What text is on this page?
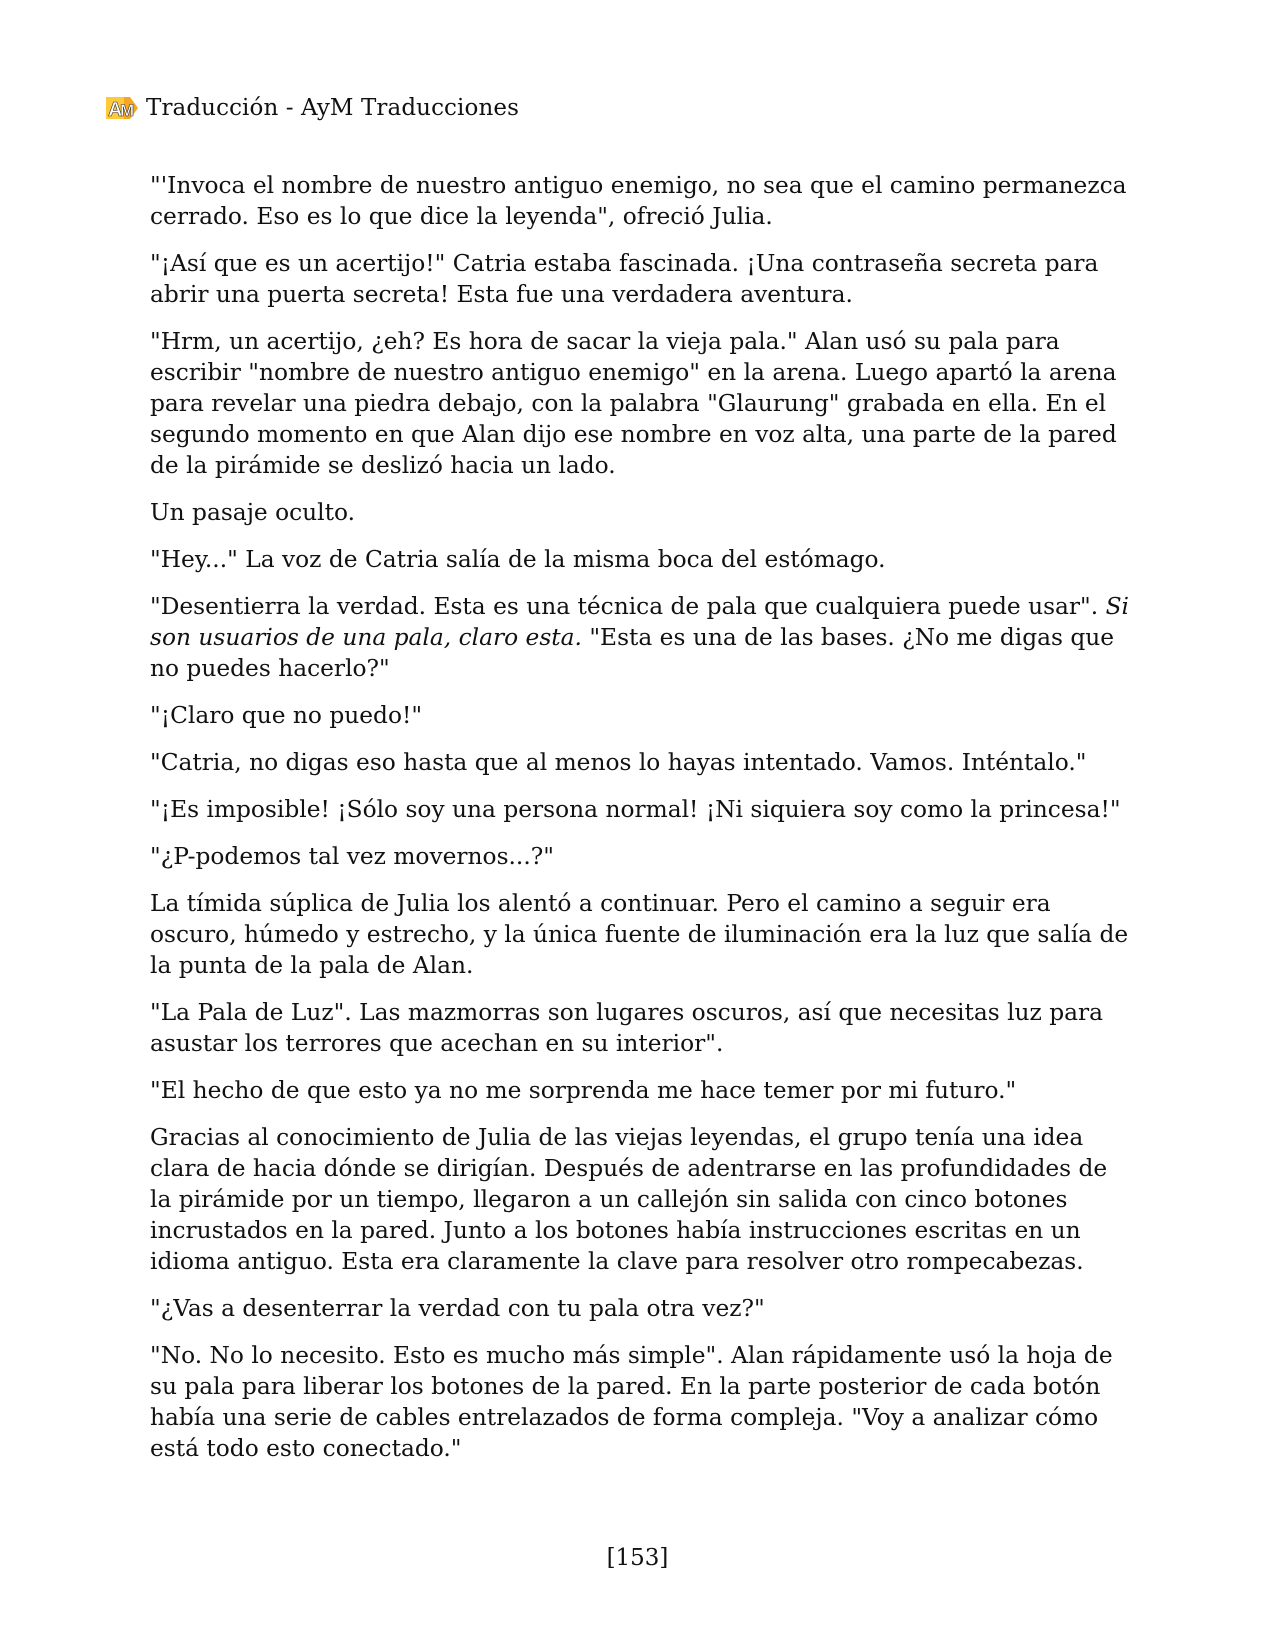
A
M Traducción - AyM Traducciones

"'Invoca el nombre de nuestro antiguo enemigo, no sea que el camino permanezca cerrado. Eso es lo que dice la leyenda", ofreció Julia.

"¡Así que es un acertijo!" Catria estaba fascinada. ¡Una contraseña secreta para abrir una puerta secreta! Esta fue una verdadera aventura.

"Hrm, un acertijo, ¿eh? Es hora de sacar la vieja pala." Alan usó su pala para escribir "nombre de nuestro antiguo enemigo" en la arena. Luego apartó la arena para revelar una piedra debajo, con la palabra "Glaurung" grabada en ella. En el segundo momento en que Alan dijo ese nombre en voz alta, una parte de la pared de la pirámide se deslizó hacia un lado.

Un pasaje oculto.

"Hey..." La voz de Catria salía de la misma boca del estómago.

"Desentierra la verdad. Esta es una técnica de pala que cualquiera puede usar". Si son usuarios de una pala, claro esta. "Esta es una de las bases. ¿No me digas que no puedes hacerlo?"

"¡Claro que no puedo!"

"Catria, no digas eso hasta que al menos lo hayas intentado. Vamos. Inténtalo."

"¡Es imposible! ¡Sólo soy una persona normal! ¡Ni siquiera soy como la princesa!"

"¿P-podemos tal vez movernos...?"

La tímida súplica de Julia los alentó a continuar. Pero el camino a seguir era oscuro, húmedo y estrecho, y la única fuente de iluminación era la luz que salía de la punta de la pala de Alan.

"La Pala de Luz". Las mazmorras son lugares oscuros, así que necesitas luz para asustar los terrores que acechan en su interior".

"El hecho de que esto ya no me sorprenda me hace temer por mi futuro."

Gracias al conocimiento de Julia de las viejas leyendas, el grupo tenía una idea clara de hacia dónde se dirigían. Después de adentrarse en las profundidades de la pirámide por un tiempo, llegaron a un callejón sin salida con cinco botones incrustados en la pared. Junto a los botones había instrucciones escritas en un idioma antiguo. Esta era claramente la clave para resolver otro rompecabezas.

"¿Vas a desenterrar la verdad con tu pala otra vez?"

"No. No lo necesito. Esto es mucho más simple". Alan rápidamente usó la hoja de su pala para liberar los botones de la pared. En la parte posterior de cada botón había una serie de cables entrelazados de forma compleja. "Voy a analizar cómo está todo esto conectado."

[153]
